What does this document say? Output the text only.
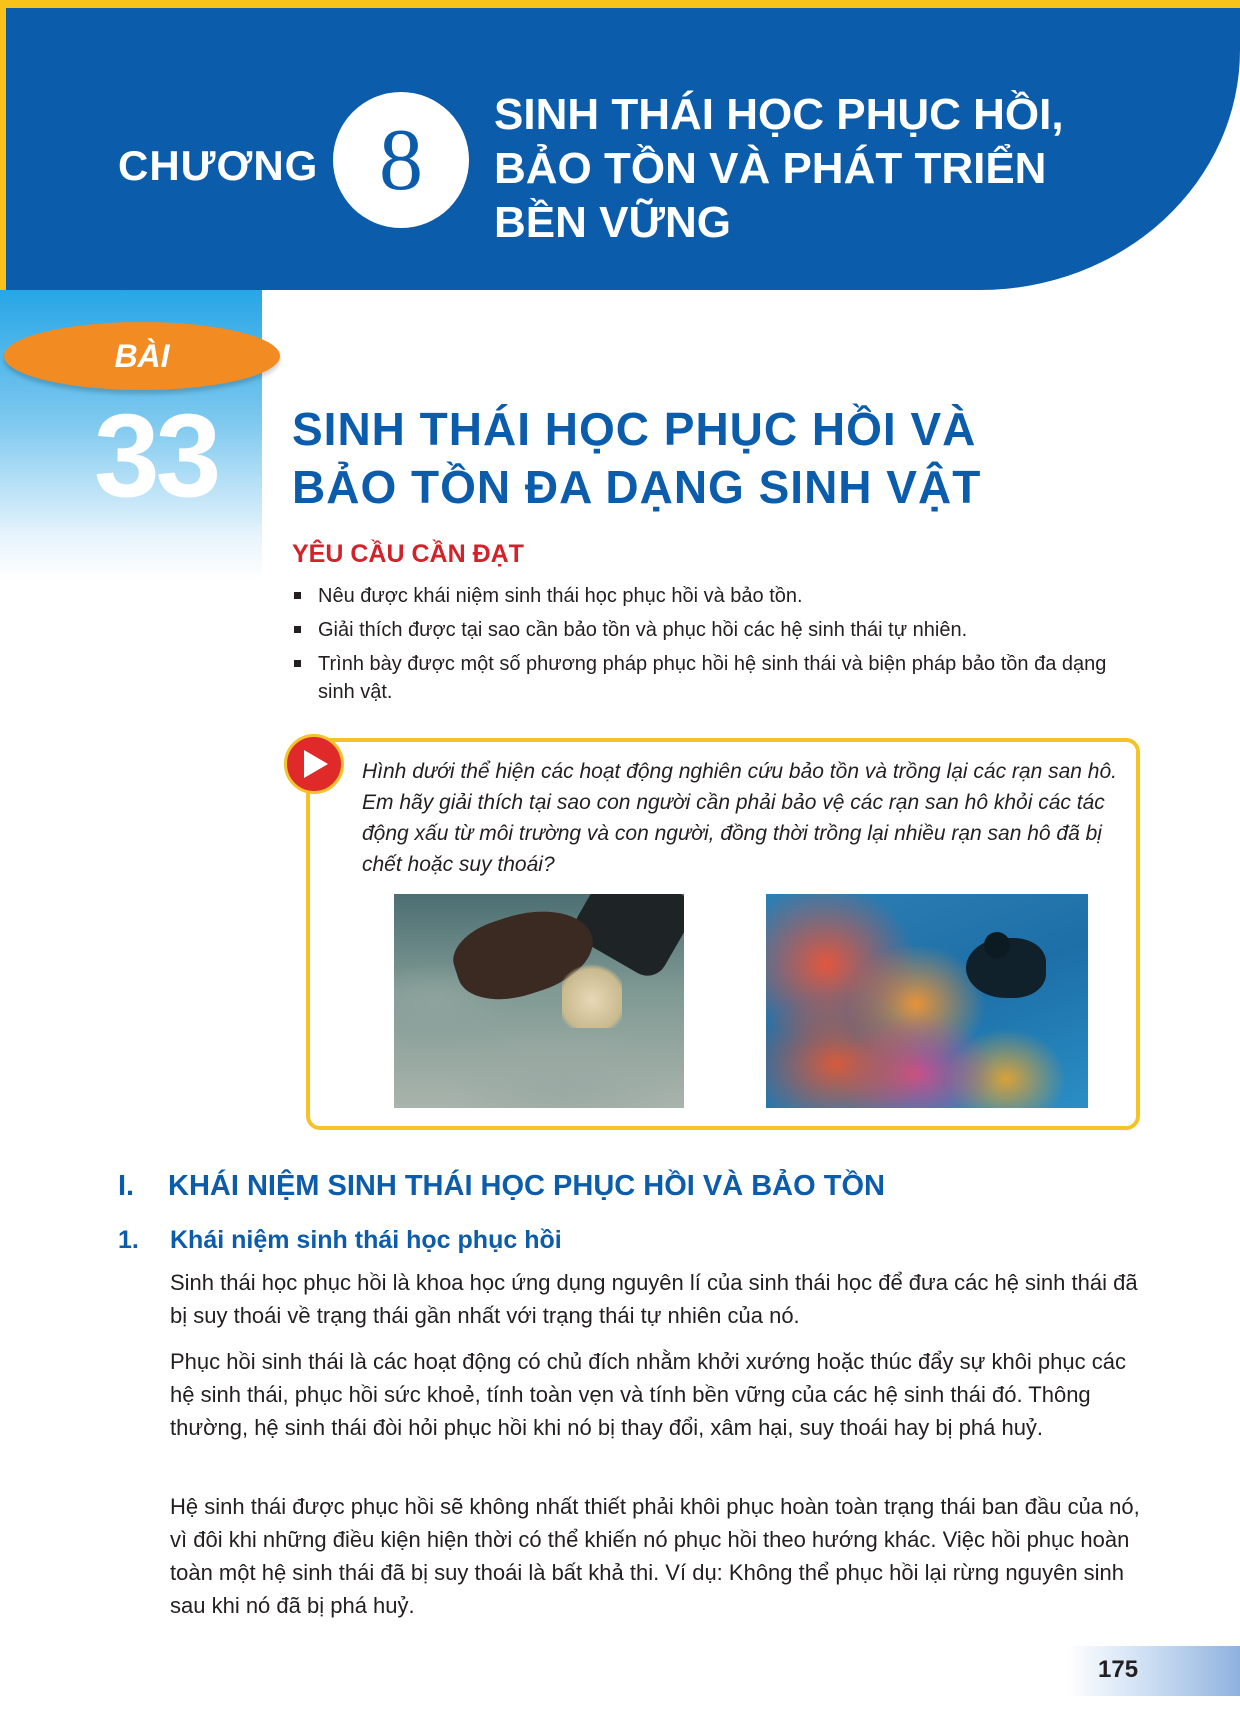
CHƯƠNG 8	SINH THÁI HỌC PHỤC HỒI,
BẢO TỒN VÀ PHÁT TRIỂN
BỀN VỮNG
BÀI
33 SINH THÁI HỌC PHỤC HỒI VÀ
BẢO TỒN ĐA DẠNG SINH VẬT
YÊU CẦU CẦN ĐẠT
Nêu được khái niệm sinh thái học phục hồi và bảo tồn.
Giải thích được tại sao cần bảo tồn và phục hồi các hệ sinh thái tự nhiên.
Trình bày được một số phương pháp phục hồi hệ sinh thái và biện pháp bảo tồn đa dạng sinh vật.

Hình dưới thể hiện các hoạt động nghiên cứu bảo tồn và trồng lại các rạn san hô. Em hãy giải thích tại sao con người cần phải bảo vệ các rạn san hô khỏi các tác động xấu từ môi trường và con người, đồng thời trồng lại nhiều rạn san hô đã bị chết hoặc suy thoái?

I. KHÁI NIỆM SINH THÁI HỌC PHỤC HỒI VÀ BẢO TỒN
1. Khái niệm sinh thái học phục hồi

Sinh thái học phục hồi là khoa học ứng dụng nguyên lí của sinh thái học để đưa các hệ sinh thái đã bị suy thoái về trạng thái gần nhất với trạng thái tự nhiên của nó.

Phục hồi sinh thái là các hoạt động có chủ đích nhằm khởi xướng hoặc thúc đẩy sự khôi phục các hệ sinh thái, phục hồi sức khoẻ, tính toàn vẹn và tính bền vững của các hệ sinh thái đó. Thông thường, hệ sinh thái đòi hỏi phục hồi khi nó bị thay đổi, xâm hại, suy thoái hay bị phá huỷ.

Hệ sinh thái được phục hồi sẽ không nhất thiết phải khôi phục hoàn toàn trạng thái ban đầu của nó, vì đôi khi những điều kiện hiện thời có thể khiến nó phục hồi theo hướng khác. Việc hồi phục hoàn toàn một hệ sinh thái đã bị suy thoái là bất khả thi. Ví dụ: Không thể phục hồi lại rừng nguyên sinh sau khi nó đã bị phá huỷ.

175
